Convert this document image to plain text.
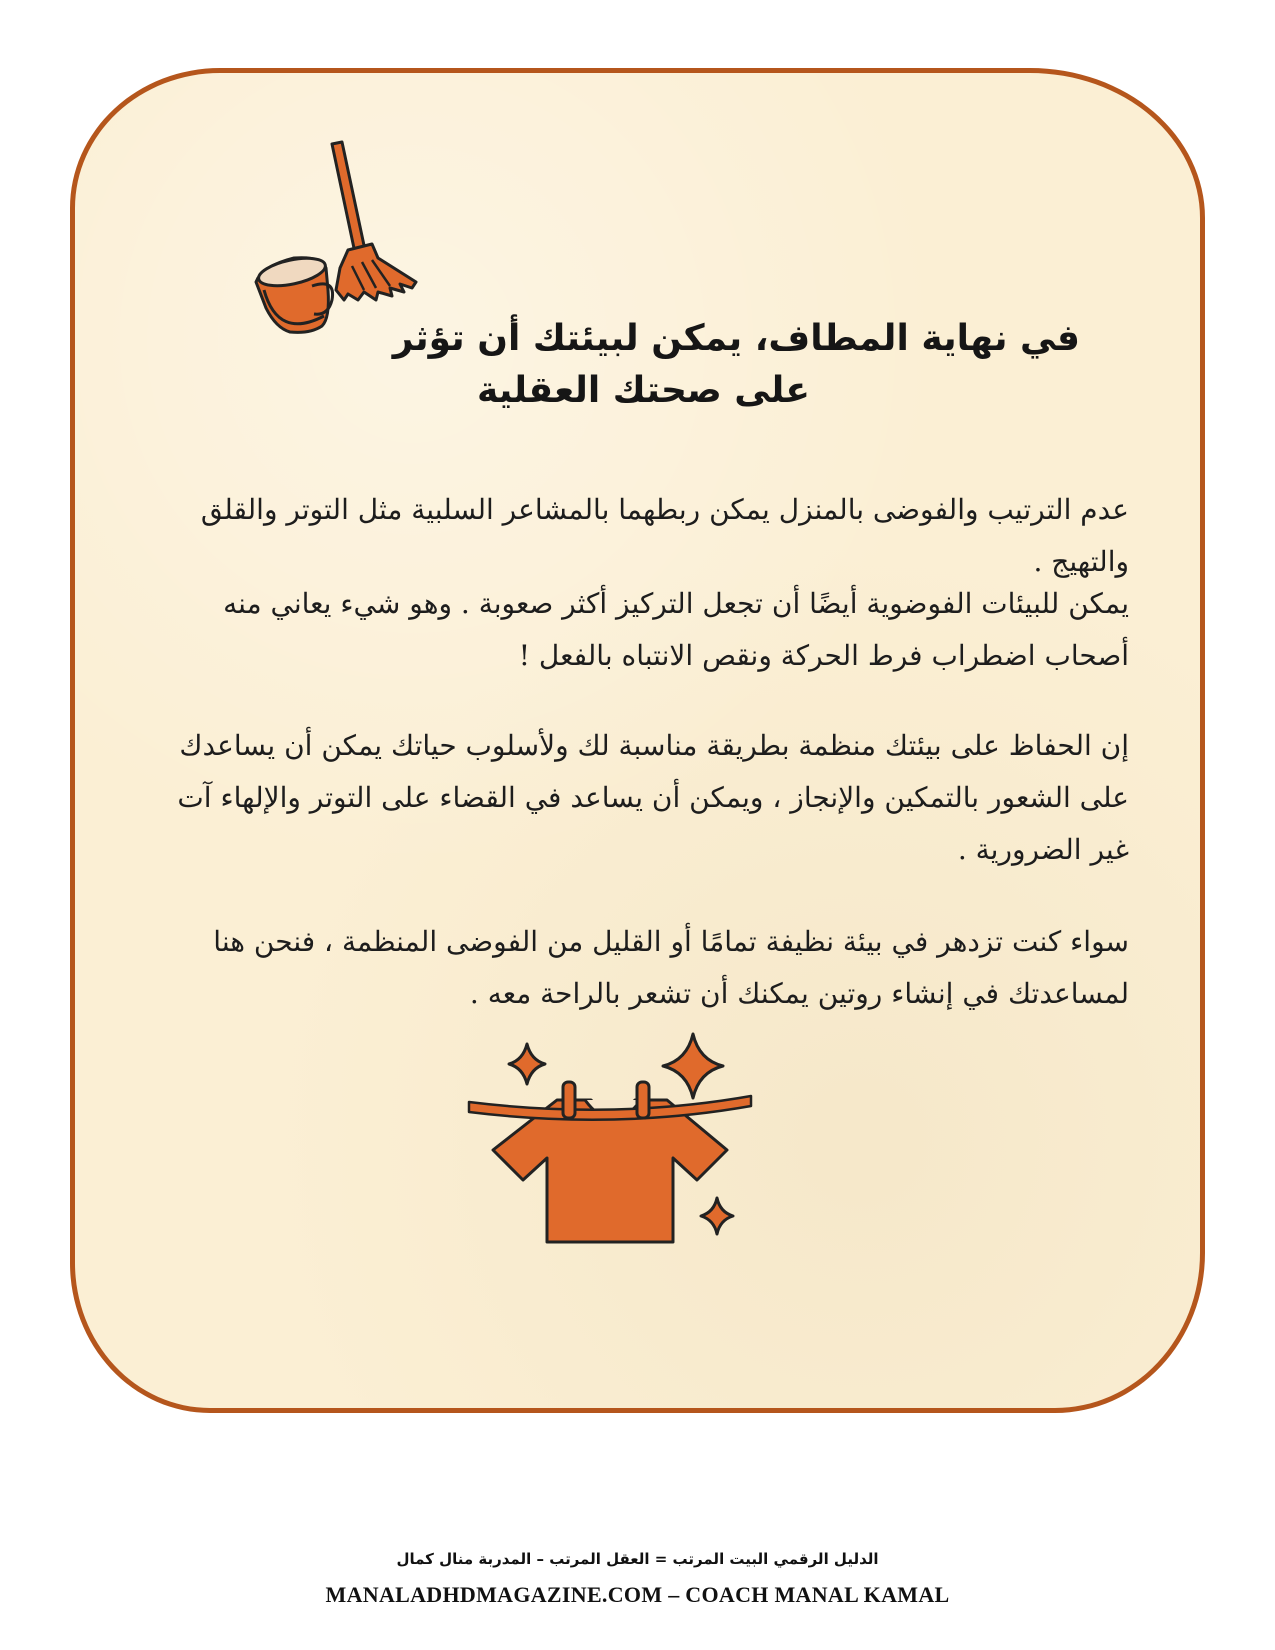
في نهاية المطاف، يمكن لبيئتك أن تؤثر
على صحتك العقلية

عدم الترتيب والفوضى بالمنزل يمكن ربطهما بالمشاعر السلبية مثل التوتر والقلق والتهيج .

يمكن للبيئات الفوضوية أيضًا أن تجعل التركيز أكثر صعوبة . وهو شيء يعاني منه أصحاب اضطراب فرط الحركة ونقص الانتباه بالفعل !

إن الحفاظ على بيئتك منظمة بطريقة مناسبة لك ولأسلوب حياتك يمكن أن يساعدك على الشعور بالتمكين والإنجاز ، ويمكن أن يساعد في القضاء على التوتر والإلهاء آت غير الضرورية .

سواء كنت تزدهر في بيئة نظيفة تمامًا أو القليل من الفوضى المنظمة ، فنحن هنا لمساعدتك في إنشاء روتين يمكنك أن تشعر بالراحة معه .

الدليل الرقمي البيت المرتب = العقل المرتب – المدربة منال كمال
MANALADHDMAGAZINE.COM – COACH MANAL KAMAL
